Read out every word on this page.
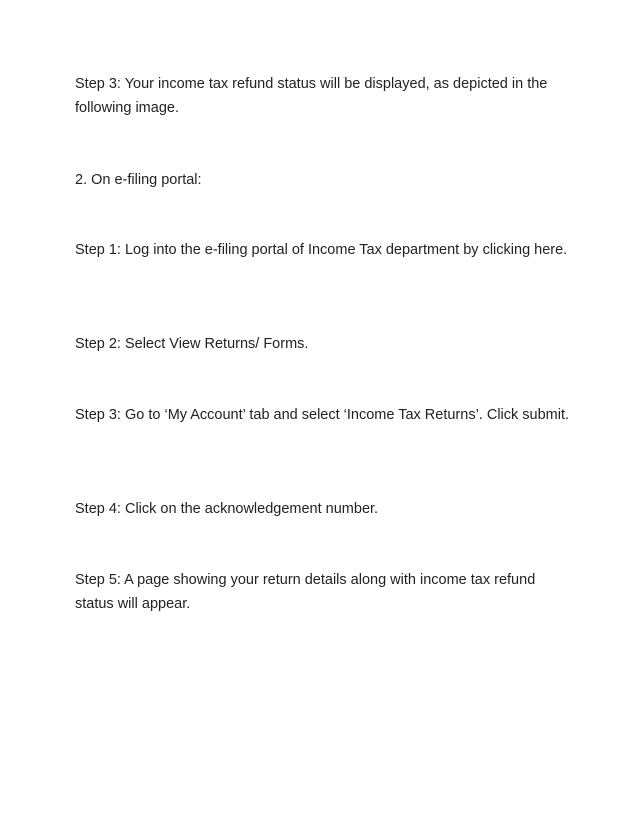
Step 3: Your income tax refund status will be displayed, as depicted in the following image.

2. On e-filing portal:

Step 1: Log into the e-filing portal of Income Tax department by clicking here.

Step 2: Select View Returns/ Forms.

Step 3: Go to ‘My Account’ tab and select ‘Income Tax Returns’. Click submit.

Step 4: Click on the acknowledgement number.

Step 5: A page showing your return details along with income tax refund status will appear.
